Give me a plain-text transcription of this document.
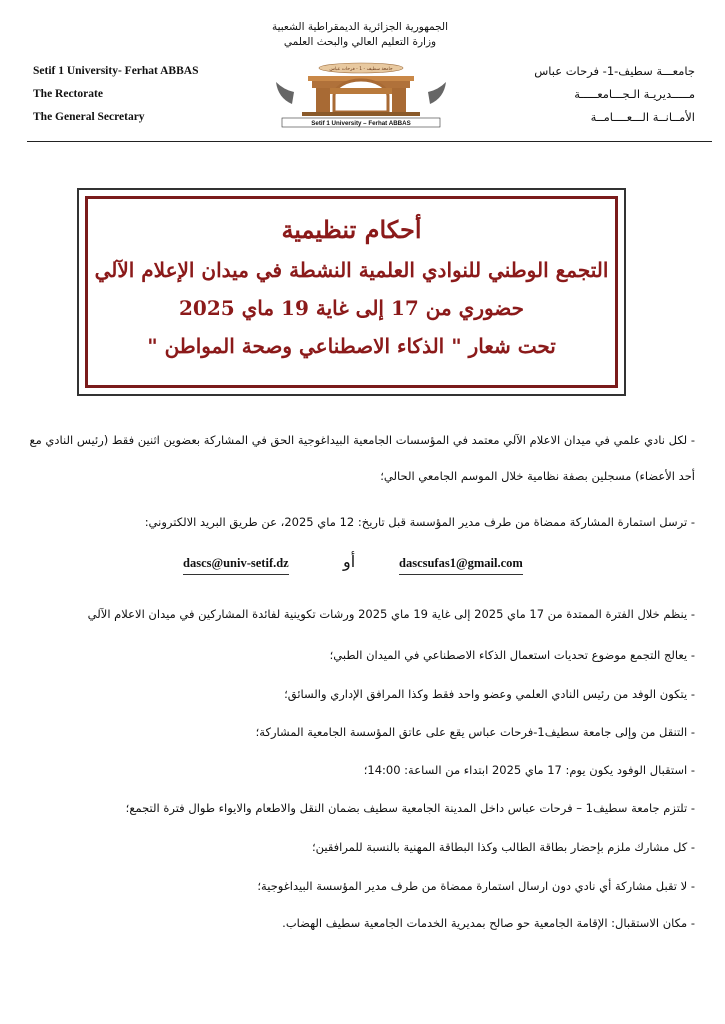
Setif 1 University- Ferhat ABBAS
The Rectorate
The General Secretary
الجمهورية الجزائرية الديمقراطية الشعبية
وزارة التعليم العالي والبحث العلمي
جامعة سطيف - 1 - فرحات عباس
Setif 1 University – Ferhat ABBAS
جامعـــة سطيف-1- فرحات عباس
مـــــديريـة الـجـــامعـــــة
الأمــانــة الـــعــــامــة
أحكام تنظيمية
التجمع الوطني للنوادي العلمية النشطة في ميدان الإعلام الآلي
حضوري من 17 إلى غاية 19 ماي 2025
تحت شعار " الذكاء الاصطناعي وصحة المواطن "
- لكل نادي علمي في ميدان الاعلام الآلي معتمد في المؤسسات الجامعية البيداغوجية الحق في المشاركة بعضوين اثنين فقط (رئيس النادي مع
أحد الأعضاء) مسجلين بصفة نظامية خلال الموسم الجامعي الحالي؛
- ترسل استمارة المشاركة ممضاة من طرف مدير المؤسسة قبل تاريخ: 12 ماي 2025، عن طريق البريد الالكتروني:
dascs@univ-setif.dz	أو	dascsufas1@gmail.com
- ينظم خلال الفترة الممتدة من 17 ماي 2025 إلى غاية 19 ماي 2025 ورشات تكوينية لفائدة المشاركين في ميدان الاعلام الآلي
- يعالج التجمع موضوع تحديات استعمال الذكاء الاصطناعي في الميدان الطبي؛
- يتكون الوفد من رئيس النادي العلمي وعضو واحد فقط وكذا المرافق الإداري والسائق؛
- التنقل من وإلى جامعة سطيف1-فرحات عباس يقع على عاتق المؤسسة الجامعية المشاركة؛
- استقبال الوفود يكون يوم: 17 ماي 2025 ابتداء من الساعة: 14:00؛
- تلتزم جامعة سطيف1 – فرحات عباس داخل المدينة الجامعية سطيف بضمان النقل والاطعام والايواء طوال فترة التجمع؛
- كل مشارك ملزم بإحضار بطاقة الطالب وكذا البطاقة المهنية بالنسبة للمرافقين؛
- لا تقبل مشاركة أي نادي دون ارسال استمارة ممضاة من طرف مدير المؤسسة البيداغوجية؛
- مكان الاستقبال: الإقامة الجامعية حو صالح بمديرية الخدمات الجامعية سطيف الهضاب.
